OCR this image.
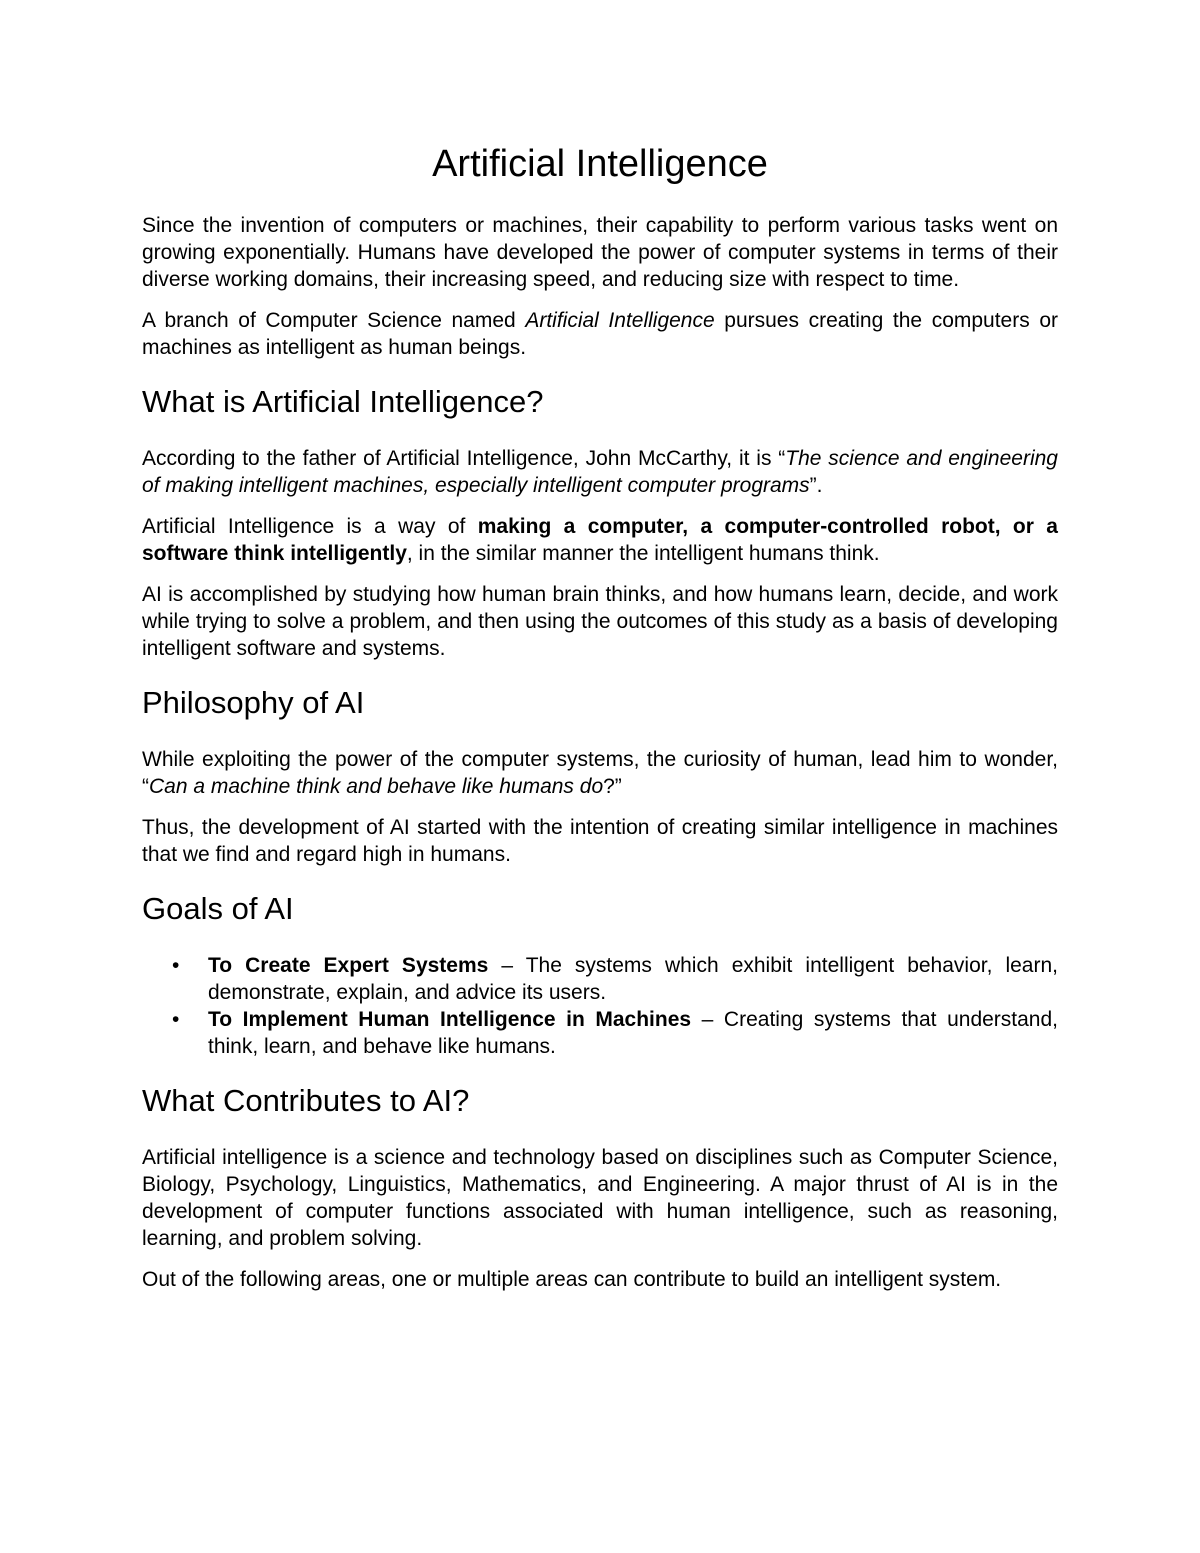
Artificial Intelligence

Since the invention of computers or machines, their capability to perform various tasks went on growing exponentially. Humans have developed the power of computer systems in terms of their diverse working domains, their increasing speed, and reducing size with respect to time.

A branch of Computer Science named Artificial Intelligence pursues creating the computers or machines as intelligent as human beings.

What is Artificial Intelligence?

According to the father of Artificial Intelligence, John McCarthy, it is “The science and engineering of making intelligent machines, especially intelligent computer programs”.

Artificial Intelligence is a way of making a computer, a computer-controlled robot, or a software think intelligently, in the similar manner the intelligent humans think.

AI is accomplished by studying how human brain thinks, and how humans learn, decide, and work while trying to solve a problem, and then using the outcomes of this study as a basis of developing intelligent software and systems.

Philosophy of AI

While exploiting the power of the computer systems, the curiosity of human, lead him to wonder, “Can a machine think and behave like humans do?”

Thus, the development of AI started with the intention of creating similar intelligence in machines that we find and regard high in humans.

Goals of AI
• To Create Expert Systems – The systems which exhibit intelligent behavior, learn, demonstrate, explain, and advice its users.
• To Implement Human Intelligence in Machines – Creating systems that understand, think, learn, and behave like humans.
What Contributes to AI?

Artificial intelligence is a science and technology based on disciplines such as Computer Science, Biology, Psychology, Linguistics, Mathematics, and Engineering. A major thrust of AI is in the development of computer functions associated with human intelligence, such as reasoning, learning, and problem solving.

Out of the following areas, one or multiple areas can contribute to build an intelligent system.
